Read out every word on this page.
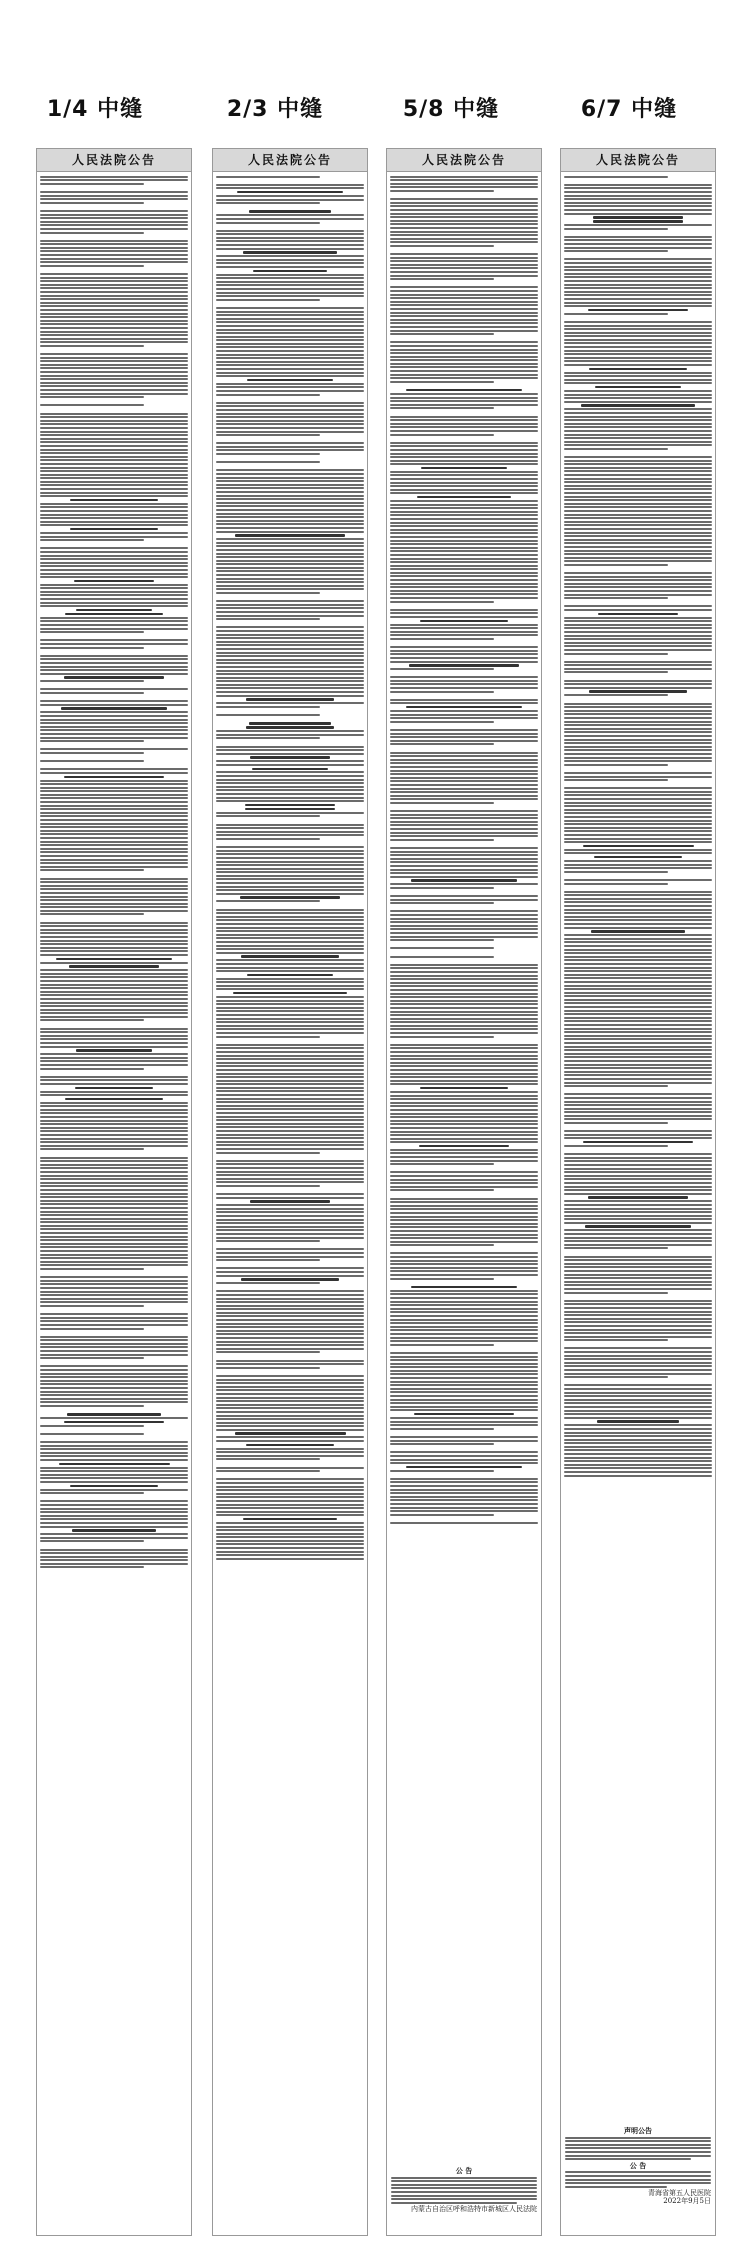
1/4 中缝	2/3 中缝	5/8 中缝	6/7 中缝
人民法院公告	人民法院公告	人民法院公告
公 告
内蒙古自治区呼和浩特市新城区人民法院
人民法院公告
声明公告
公 告
青海省第五人民医院
2022年9月5日
